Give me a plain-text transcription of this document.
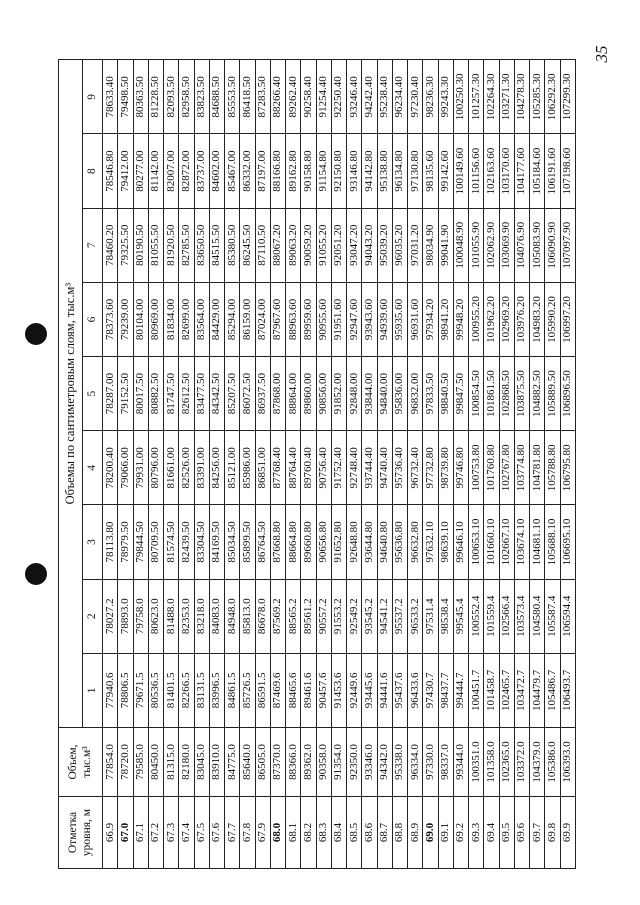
35
Отметка уровня, м	Объем, тыс.м³	Объемы по сантиметровым слоям, тыс.м³								
		1	2	3	4	5	6	7	8	9
66.9	77854.0	77940.6	78027.2	78113.80	78200.40	78287.00	78373.60	78460.20	78546.80	78633.40
67.0	78720.0	78806.5	78893.0	78979.50	79066.00	79152.50	79239.00	79325.50	79412.00	79498.50
67.1	79585.0	79671.5	79758.0	79844.50	79931.00	80017.50	80104.00	80190.50	80277.00	80363.50
67.2	80450.0	80536.5	80623.0	80709.50	80796.00	80882.50	80969.00	81055.50	81142.00	81228.50
67.3	81315.0	81401.5	81488.0	81574.50	81661.00	81747.50	81834.00	81920.50	82007.00	82093.50
67.4	82180.0	82266.5	82353.0	82439.50	82526.00	82612.50	82699.00	82785.50	82872.00	82958.50
67.5	83045.0	83131.5	83218.0	83304.50	83391.00	83477.50	83564.00	83650.50	83737.00	83823.50
67.6	83910.0	83996.5	84083.0	84169.50	84256.00	84342.50	84429.00	84515.50	84602.00	84688.50
67.7	84775.0	84861.5	84948.0	85034.50	85121.00	85207.50	85294.00	85380.50	85467.00	85553.50
67.8	85640.0	85726.5	85813.0	85899.50	85986.00	86072.50	86159.00	86245.50	86332.00	86418.50
67.9	86505.0	86591.5	86678.0	86764.50	86851.00	86937.50	87024.00	87110.50	87197.00	87283.50
68.0	87370.0	87469.6	87569.2	87668.80	87768.40	87868.00	87967.60	88067.20	88166.80	88266.40
68.1	88366.0	88465.6	88565.2	88664.80	88764.40	88864.00	88963.60	89063.20	89162.80	89262.40
68.2	89362.0	89461.6	89561.2	89660.80	89760.40	89860.00	89959.60	90059.20	90158.80	90258.40
68.3	90358.0	90457.6	90557.2	90656.80	90756.40	90856.00	90955.60	91055.20	91154.80	91254.40
68.4	91354.0	91453.6	91553.2	91652.80	91752.40	91852.00	91951.60	92051.20	92150.80	92250.40
68.5	92350.0	92449.6	92549.2	92648.80	92748.40	92848.00	92947.60	93047.20	93146.80	93246.40
68.6	93346.0	93445.6	93545.2	93644.80	93744.40	93844.00	93943.60	94043.20	94142.80	94242.40
68.7	94342.0	94441.6	94541.2	94640.80	94740.40	94840.00	94939.60	95039.20	95138.80	95238.40
68.8	95338.0	95437.6	95537.2	95636.80	95736.40	95836.00	95935.60	96035.20	96134.80	96234.40
68.9	96334.0	96433.6	96533.2	96632.80	96732.40	96832.00	96931.60	97031.20	97130.80	97230.40
69.0	97330.0	97430.7	97531.4	97632.10	97732.80	97833.50	97934.20	98034.90	98135.60	98236.30
69.1	98337.0	98437.7	98538.4	98639.10	98739.80	98840.50	98941.20	99041.90	99142.60	99243.30
69.2	99344.0	99444.7	99545.4	99646.10	99746.80	99847.50	99948.20	100048.90	100149.60	100250.30
69.3	100351.0	100451.7	100552.4	100653.10	100753.80	100854.50	100955.20	101055.90	101156.60	101257.30
69.4	101358.0	101458.7	101559.4	101660.10	101760.80	101861.50	101962.20	102062.90	102163.60	102264.30
69.5	102365.0	102465.7	102566.4	102667.10	102767.80	102868.50	102969.20	103069.90	103170.60	103271.30
69.6	103372.0	103472.7	103573.4	103674.10	103774.80	103875.50	103976.20	104076.90	104177.60	104278.30
69.7	104379.0	104479.7	104580.4	104681.10	104781.80	104882.50	104983.20	105083.90	105184.60	105285.30
69.8	105386.0	105486.7	105587.4	105688.10	105788.80	105889.50	105990.20	106090.90	106191.60	106292.30
69.9	106393.0	106493.7	106594.4	106695.10	106795.80	106896.50	106997.20	107097.90	107198.60	107299.30
